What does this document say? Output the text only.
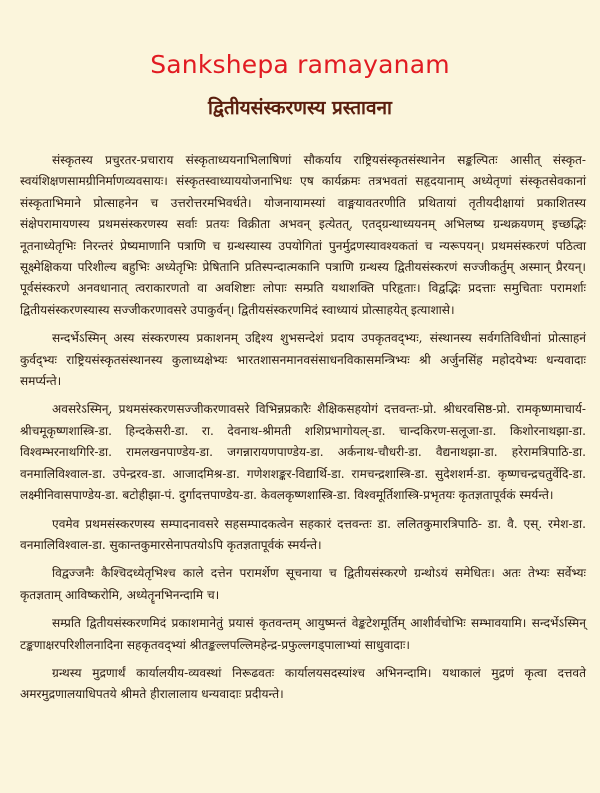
Sankshepa ramayanam
द्वितीयसंस्करणस्य प्रस्तावना

संस्कृतस्य प्रचुरतर-प्रचाराय संस्कृताध्ययनाभिलाषिणां सौकर्याय राष्ट्रियसंस्कृतसंस्थानेन सङ्कल्पितः आसीत् संस्कृत-स्वयंशिक्षणसामग्रीनिर्माणव्यवसायः। संस्कृतस्वाध्याययोजनाभिधः एष कार्यक्रमः तत्रभवतां सहृदयानाम् अध्येतृणां संस्कृतसेवकानां संस्कृताभिमाने प्रोत्साहनेन च उत्तरोत्तरमभिवर्धते। योजनायामस्यां वाङ्मयावतरणीति प्रथितायां तृतीयदीक्षायां प्रकाशितस्य संक्षेपरामायणस्य प्रथमसंस्करणस्य सर्वाः प्रतयः विक्रीता अभवन् इत्येतत्, एतद्ग्रन्थाध्ययनम् अभिलष्य ग्रन्थक्रयणम् इच्छद्भिः नूतनाध्येतृभिः निरन्तरं प्रेष्यमाणानि पत्राणि च ग्रन्थस्यास्य उपयोगितां पुनर्मुद्रणस्यावश्यकतां च न्यरूपयन्। प्रथमसंस्करणं पठित्वा सूक्ष्मेक्षिकया परिशील्य बहुभिः अध्येतृभिः प्रेषितानि प्रतिस्पन्दात्मकानि पत्राणि ग्रन्थस्य द्वितीयसंस्करणं सज्जीकर्तुम् अस्मान् प्रैरयन्। पूर्वसंस्करणे अनवधानात् त्वराकारणतो वा अवशिष्टाः लोपाः सम्प्रति यथाशक्ति परिहृताः। विद्वद्भिः प्रदत्ताः समुचिताः परामर्शाः द्वितीयसंस्करणस्यास्य सज्जीकरणावसरे उपाकुर्वन्। द्वितीयसंस्करणमिदं स्वाध्यायं प्रोत्साहयेत् इत्याशासे।

सन्दर्भेऽस्मिन् अस्य संस्करणस्य प्रकाशनम् उद्दिश्य शुभसन्देशं प्रदाय उपकृतवद्भ्यः, संस्थानस्य सर्वगतिविधीनां प्रोत्साहनं कुर्वद्भ्यः राष्ट्रियसंस्कृतसंस्थानस्य कुलाध्यक्षेभ्यः भारतशासनमानवसंसाधनविकासमन्त्रिभ्यः श्री अर्जुनसिंह महोदयेभ्यः धन्यवादाः समर्प्यन्ते।

अवसरेऽस्मिन्, प्रथमसंस्करणसज्जीकरणावसरे विभिन्नप्रकारैः शैक्षिकसहयोगं दत्तवन्तः-प्रो. श्रीधरवसिष्ठ-प्रो. रामकृष्णमाचार्य-श्रीचमूकृष्णशास्त्रि-डा. हिन्दकेसरी-डा. रा. देवनाथ-श्रीमती शशिप्रभागोयल्-डा. चान्दकिरण-सलूजा-डा. किशोरनाथझा-डा. विश्वम्भरनाथगिरि-डा. रामलखनपाण्डेय-डा. जगन्नारायणपाण्डेय-डा. अर्कनाथ-चौधरी-डा. वैद्यनाथझा-डा. हरेरामत्रिपाठि-डा. वनमालिविश्वाल-डा. उपेन्द्ररव-डा. आजादमिश्र-डा. गणेशशङ्कर-विद्यार्थि-डा. रामचन्द्रशास्त्रि-डा. सुदेशशर्म-डा. कृष्णचन्द्रचतुर्वेदि-डा. लक्ष्मीनिवासपाण्डेय-डा. बटोहीझा-पं. दुर्गादत्तपाण्डेय-डा. केवलकृष्णशास्त्रि-डा. विश्वमूर्तिशास्त्रि-प्रभृतयः कृतज्ञतापूर्वकं स्मर्यन्ते।

एवमेव प्रथमसंस्करणस्य सम्पादनावसरे सहसम्पादकत्वेन सहकारं दत्तवन्तः डा. ललितकुमारत्रिपाठि- डा. वै. एस्. रमेश-डा. वनमालिविश्वाल-डा. सुकान्तकुमारसेनापतयोऽपि कृतज्ञतापूर्वकं स्मर्यन्ते।

विद्वज्जनैः कैश्चिदध्येतृभिश्च काले दत्तेन परामर्शेण सूचनाया च द्वितीयसंस्करणे ग्रन्थोऽयं समेधितः। अतः तेभ्यः सर्वेभ्यः कृतज्ञताम् आविष्करोमि, अध्येतॄनभिनन्दामि च।

सम्प्रति द्वितीयसंस्करणमिदं प्रकाशमानेतुं प्रयासं कृतवन्तम् आयुष्मन्तं वेङ्कटेशमूर्तिम् आशीर्वचोभिः सम्भावयामि। सन्दर्भेऽस्मिन् टङ्कणाक्षरपरिशीलनादिना सहकृतवद्भ्यां श्रीतङ्कल्लपल्लिमहेन्द्र-प्रफुल्लगड्पालाभ्यां साधुवादाः।

ग्रन्थस्य मुद्रणार्थं कार्यालयीय-व्यवस्थां निरूढवतः कार्यालयसदस्यांश्च अभिनन्दामि। यथाकालं मुद्रणं कृत्वा दत्तवते अमरमुद्रणालयाधिपतये श्रीमते हीरालालाय धन्यवादाः प्रदीयन्ते।
